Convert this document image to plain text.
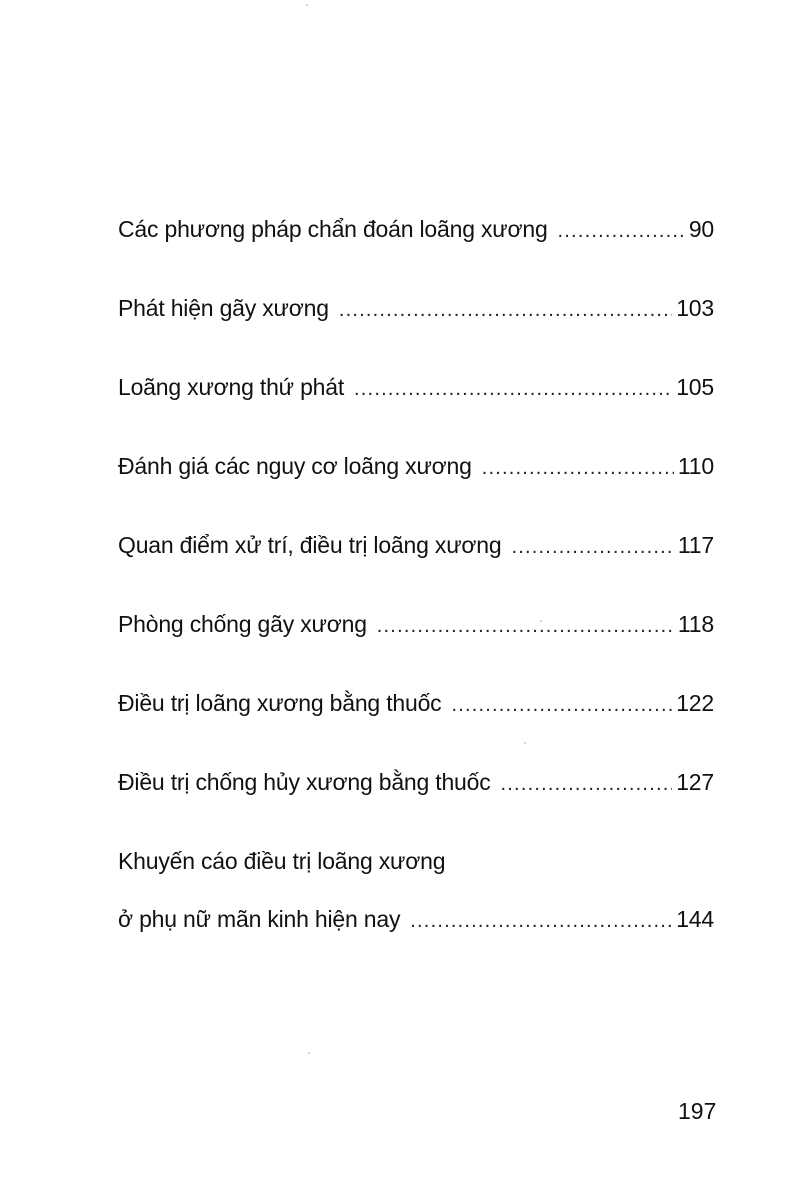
Các phương pháp chẩn đoán loãng xương .....	90
Phát hiện gãy xương .....	103
Loãng xương thứ phát .....	105
Đánh giá các nguy cơ loãng xương .....	110
Quan điểm xử trí, điều trị loãng xương .....	117
Phòng chống gãy xương .....	118
Điều trị loãng xương bằng thuốc .....	122
Điều trị chống hủy xương bằng thuốc .....	127
Khuyến cáo điều trị loãng xương
ở phụ nữ mãn kinh hiện nay .....	144
197
